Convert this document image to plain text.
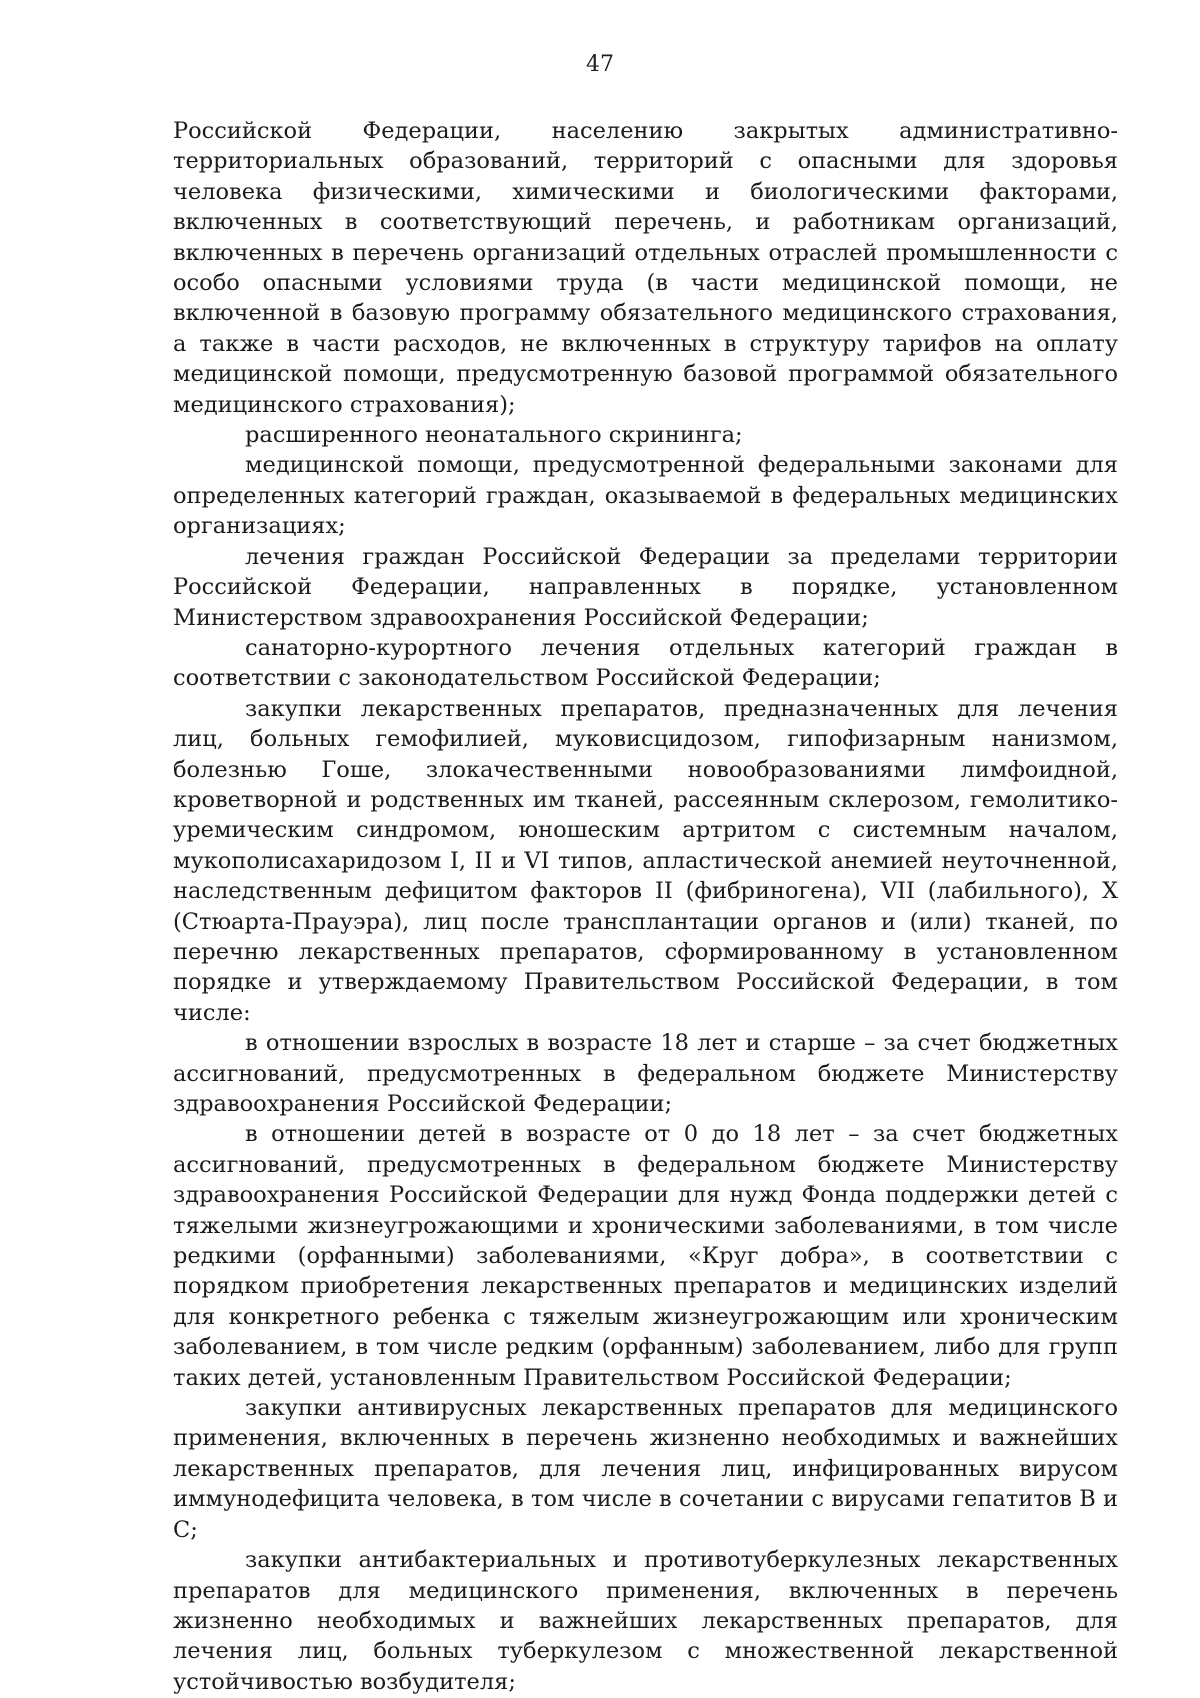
47

Российской Федерации, населению закрытых административно-территориальных образований, территорий с опасными для здоровья человека физическими, химическими и биологическими факторами, включенных в соответствующий перечень, и работникам организаций, включенных в перечень организаций отдельных отраслей промышленности с особо опасными условиями труда (в части медицинской помощи, не включенной в базовую программу обязательного медицинского страхования, а также в части расходов, не включенных в структуру тарифов на оплату медицинской помощи, предусмотренную базовой программой обязательного медицинского страхования);

расширенного неонатального скрининга;

медицинской помощи, предусмотренной федеральными законами для определенных категорий граждан, оказываемой в федеральных медицинских организациях;

лечения граждан Российской Федерации за пределами территории Российской Федерации, направленных в порядке, установленном Министерством здравоохранения Российской Федерации;

санаторно-курортного лечения отдельных категорий граждан в соответствии с законодательством Российской Федерации;

закупки лекарственных препаратов, предназначенных для лечения лиц, больных гемофилией, муковисцидозом, гипофизарным нанизмом, болезнью Гоше, злокачественными новообразованиями лимфоидной, кроветворной и родственных им тканей, рассеянным склерозом, гемолитико-уремическим синдромом, юношеским артритом с системным началом, мукополисахаридозом I, II и VI типов, апластической анемией неуточненной, наследственным дефицитом факторов II (фибриногена), VII (лабильного), X (Стюарта-Прауэра), лиц после трансплантации органов и (или) тканей, по перечню лекарственных препаратов, сформированному в установленном порядке и утверждаемому Правительством Российской Федерации, в том числе:

в отношении взрослых в возрасте 18 лет и старше – за счет бюджетных ассигнований, предусмотренных в федеральном бюджете Министерству здравоохранения Российской Федерации;

в отношении детей в возрасте от 0 до 18 лет – за счет бюджетных ассигнований, предусмотренных в федеральном бюджете Министерству здравоохранения Российской Федерации для нужд Фонда поддержки детей с тяжелыми жизнеугрожающими и хроническими заболеваниями, в том числе редкими (орфанными) заболеваниями, «Круг добра», в соответствии с порядком приобретения лекарственных препаратов и медицинских изделий для конкретного ребенка с тяжелым жизнеугрожающим или хроническим заболеванием, в том числе редким (орфанным) заболеванием, либо для групп таких детей, установленным Правительством Российской Федерации;

закупки антивирусных лекарственных препаратов для медицинского применения, включенных в перечень жизненно необходимых и важнейших лекарственных препаратов, для лечения лиц, инфицированных вирусом иммунодефицита человека, в том числе в сочетании с вирусами гепатитов B и C;

закупки антибактериальных и противотуберкулезных лекарственных препаратов для медицинского применения, включенных в перечень жизненно необходимых и важнейших лекарственных препаратов, для лечения лиц, больных туберкулезом с множественной лекарственной устойчивостью возбудителя;
